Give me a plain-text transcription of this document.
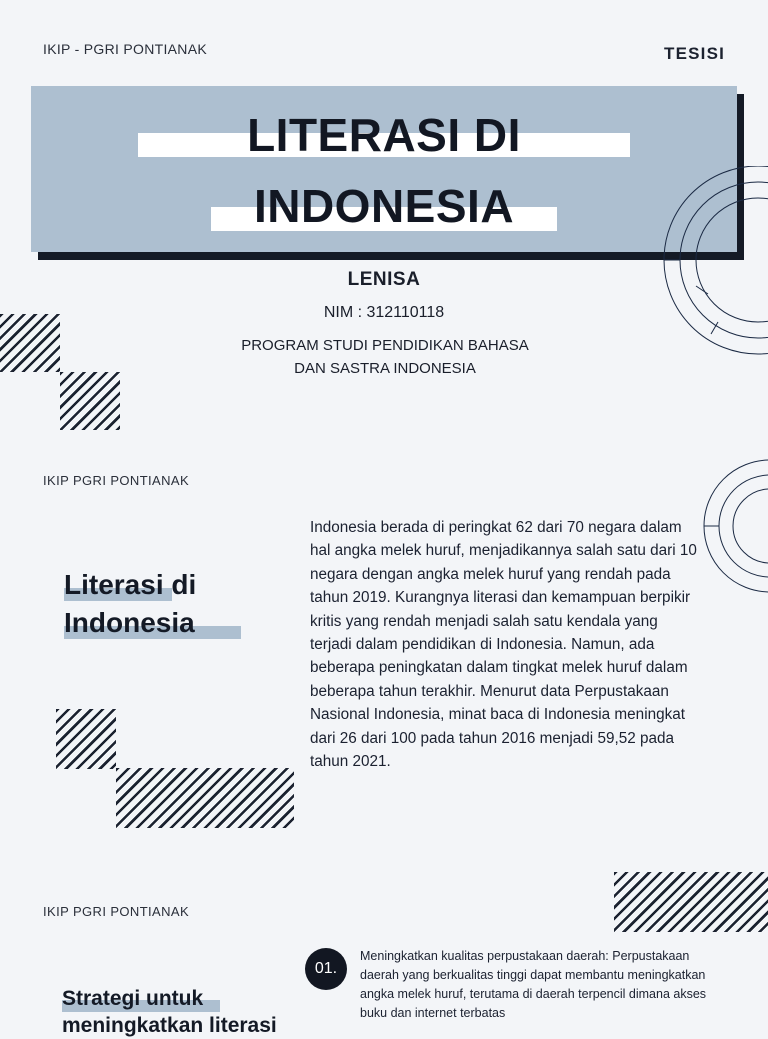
IKIP - PGRI PONTIANAK	TESISI
LITERASI DI
INDONESIA
LENISA
NIM : 312110118
PROGRAM STUDI PENDIDIKAN BAHASA
DAN SASTRA INDONESIA
IKIP PGRI PONTIANAK
Literasi di
Indonesia
Indonesia berada di peringkat 62 dari 70 negara dalam hal angka melek huruf, menjadikannya salah satu dari 10 negara dengan angka melek huruf yang rendah pada tahun 2019. Kurangnya literasi dan kemampuan berpikir kritis yang rendah menjadi salah satu kendala yang terjadi dalam pendidikan di Indonesia. Namun, ada beberapa peningkatan dalam tingkat melek huruf dalam beberapa tahun terakhir. Menurut data Perpustakaan Nasional Indonesia, minat baca di Indonesia meningkat dari 26 dari 100 pada tahun 2016 menjadi 59,52 pada tahun 2021.
IKIP PGRI PONTIANAK
01.
Meningkatkan kualitas perpustakaan daerah: Perpustakaan daerah yang berkualitas tinggi dapat membantu meningkatkan angka melek huruf, terutama di daerah terpencil dimana akses buku dan internet terbatas
Strategi untuk
meningkatkan literasi
